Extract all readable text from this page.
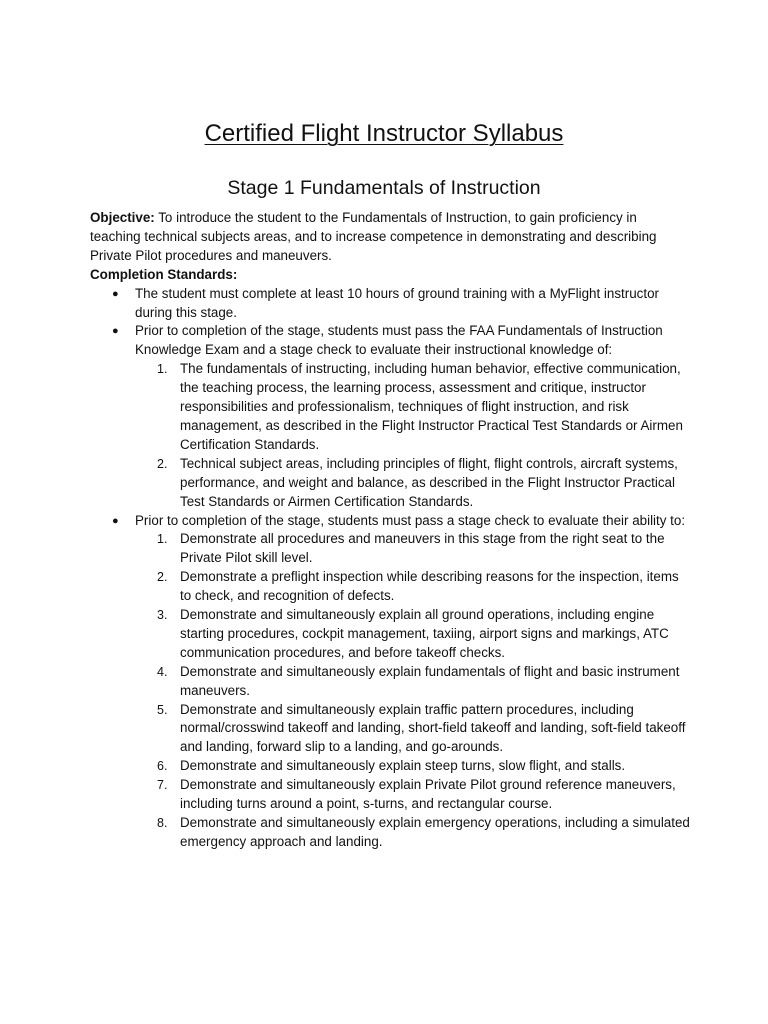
Certified Flight Instructor Syllabus
Stage 1 Fundamentals of Instruction

Objective: To introduce the student to the Fundamentals of Instruction, to gain proficiency in teaching technical subjects areas, and to increase competence in demonstrating and describing Private Pilot procedures and maneuvers.

Completion Standards:

● The student must complete at least 10 hours of ground training with a MyFlight instructor during this stage.
● Prior to completion of the stage, students must pass the FAA Fundamentals of Instruction Knowledge Exam and a stage check to evaluate their instructional knowledge of:
1. The fundamentals of instructing, including human behavior, effective communication, the teaching process, the learning process, assessment and critique, instructor responsibilities and professionalism, techniques of flight instruction, and risk management, as described in the Flight Instructor Practical Test Standards or Airmen Certification Standards.
2. Technical subject areas, including principles of flight, flight controls, aircraft systems, performance, and weight and balance, as described in the Flight Instructor Practical Test Standards or Airmen Certification Standards.
● Prior to completion of the stage, students must pass a stage check to evaluate their ability to:
1. Demonstrate all procedures and maneuvers in this stage from the right seat to the Private Pilot skill level.
2. Demonstrate a preflight inspection while describing reasons for the inspection, items to check, and recognition of defects.
3. Demonstrate and simultaneously explain all ground operations, including engine starting procedures, cockpit management, taxiing, airport signs and markings, ATC communication procedures, and before takeoff checks.
4. Demonstrate and simultaneously explain fundamentals of flight and basic instrument maneuvers.
5. Demonstrate and simultaneously explain traffic pattern procedures, including normal/crosswind takeoff and landing, short-field takeoff and landing, soft-field takeoff and landing, forward slip to a landing, and go-arounds.
6. Demonstrate and simultaneously explain steep turns, slow flight, and stalls.
7. Demonstrate and simultaneously explain Private Pilot ground reference maneuvers, including turns around a point, s-turns, and rectangular course.
8. Demonstrate and simultaneously explain emergency operations, including a simulated emergency approach and landing.
